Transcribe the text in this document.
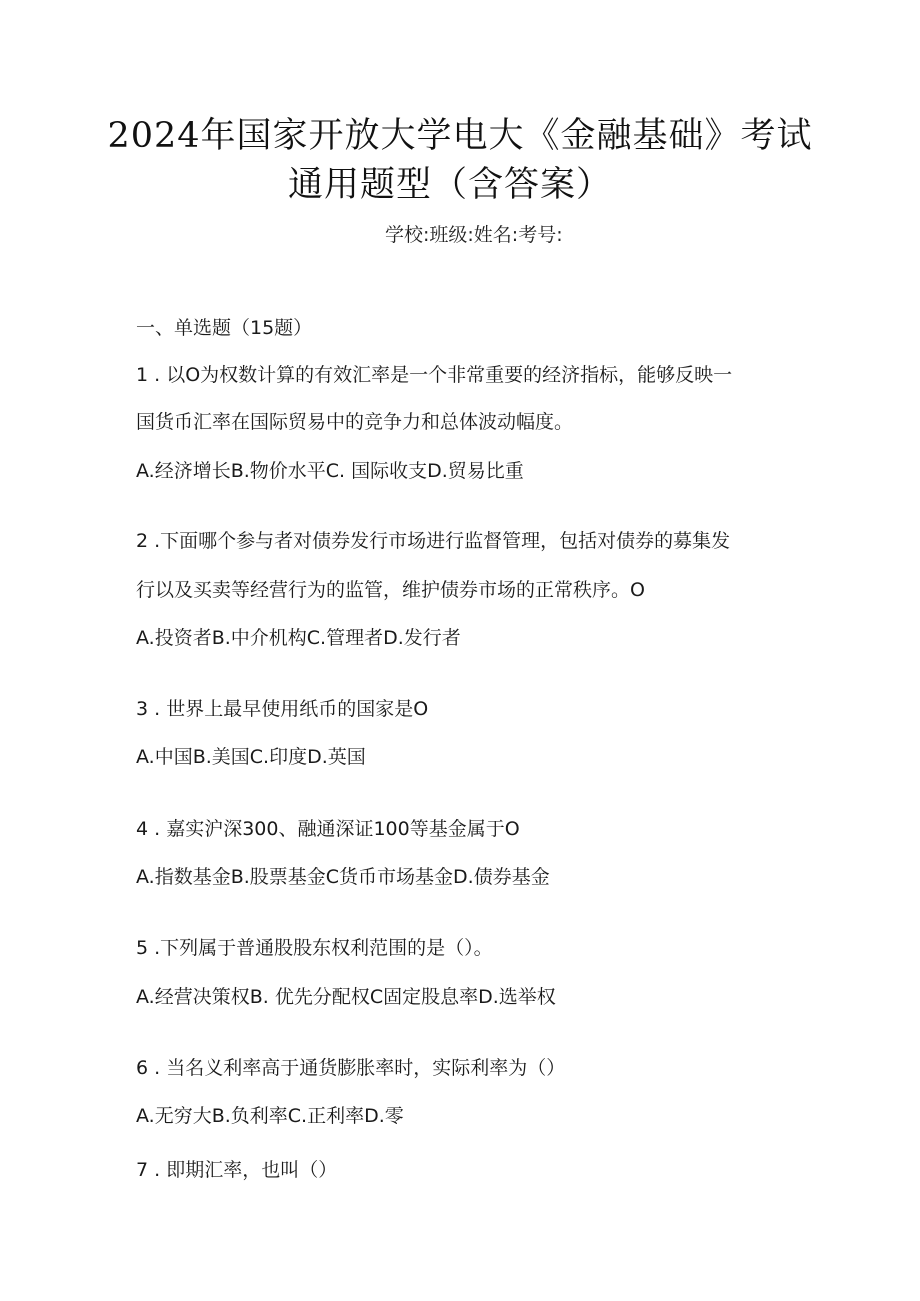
2024年国家开放大学电大《金融基础》考试
通用题型（含答案）
学校:班级:姓名:考号:
一、单选题（15题）
1 . 以O为权数计算的有效汇率是一个非常重要的经济指标，能够反映一
国货币汇率在国际贸易中的竞争力和总体波动幅度。
A.经济增长B.物价水平C. 国际收支D.贸易比重
2 .下面哪个参与者对债券发行市场进行监督管理，包括对债券的募集发
行以及买卖等经营行为的监管，维护债券市场的正常秩序。O
A.投资者B.中介机构C.管理者D.发行者
3 . 世界上最早使用纸币的国家是O
A.中国B.美国C.印度D.英国
4 . 嘉实沪深300、融通深证100等基金属于O
A.指数基金B.股票基金C货币市场基金D.债券基金
5 .下列属于普通股股东权利范围的是（）。
A.经营决策权B. 优先分配权C固定股息率D.选举权
6 . 当名义利率高于通货膨胀率时，实际利率为（）
A.无穷大B.负利率C.正利率D.零
7 . 即期汇率，也叫（）
